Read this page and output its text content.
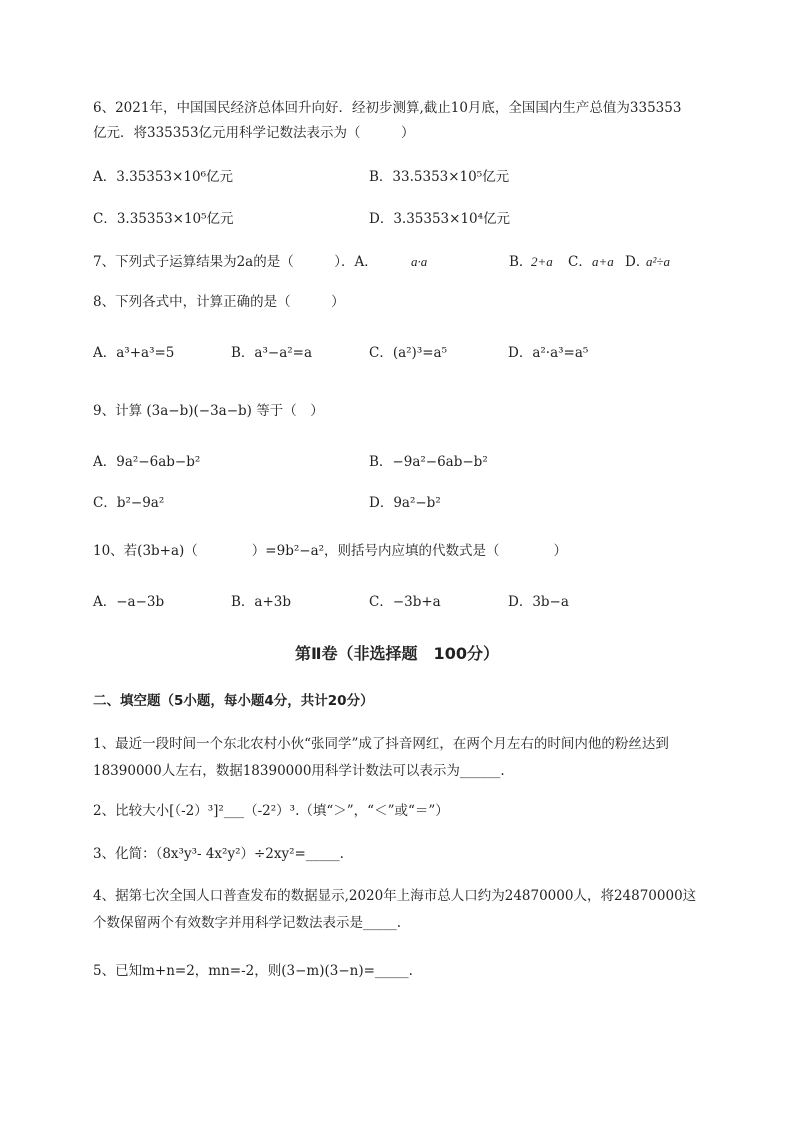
6、2021年，中国国民经济总体回升向好．经初步测算,截止10月底，全国国内生产总值为335353
亿元．将335353亿元用科学记数法表示为（　　　）
A．3.35353×10⁶亿元	B．33.5353×10⁵亿元
C．3.35353×10⁵亿元	D．3.35353×10⁴亿元
7、下列式子运算结果为2a的是（　　　）．A．	a·a	B．
2+a C． a+a D．
a²÷a
8、下列各式中，计算正确的是（　　　）
A．a³+a³=5	B．a³−a²=a	C．(a²)³=a⁵	D．a²·a³=a⁵
9、计算 (3a−b)(−3a−b) 等于（　）
A．9a²−6ab−b²	B．−9a²−6ab−b²
C．b²−9a²	D．9a²−b²
10、若(3b+a)（　　　　）=9b²−a²，则括号内应填的代数式是（　　　　）
A．−a−3b	B．a+3b	C．−3b+a	D．3b−a
第Ⅱ卷（非选择题　100分）
二、填空题（5小题，每小题4分，共计20分）
1、最近一段时间一个东北农村小伙“张同学”成了抖音网红，在两个月左右的时间内他的粉丝达到
18390000人左右，数据18390000用科学计数法可以表示为______.
2、比较大小[（-2）³]²___（-2²）³.（填“＞”，“＜”或“＝”）
3、化简：（8x³y³- 4x²y²）÷2xy²=_____.
4、据第七次全国人口普查发布的数据显示,2020年上海市总人口约为24870000人，将24870000这
个数保留两个有效数字并用科学记数法表示是_____.
5、已知m+n=2，mn=-2，则(3−m)(3−n)=_____.
